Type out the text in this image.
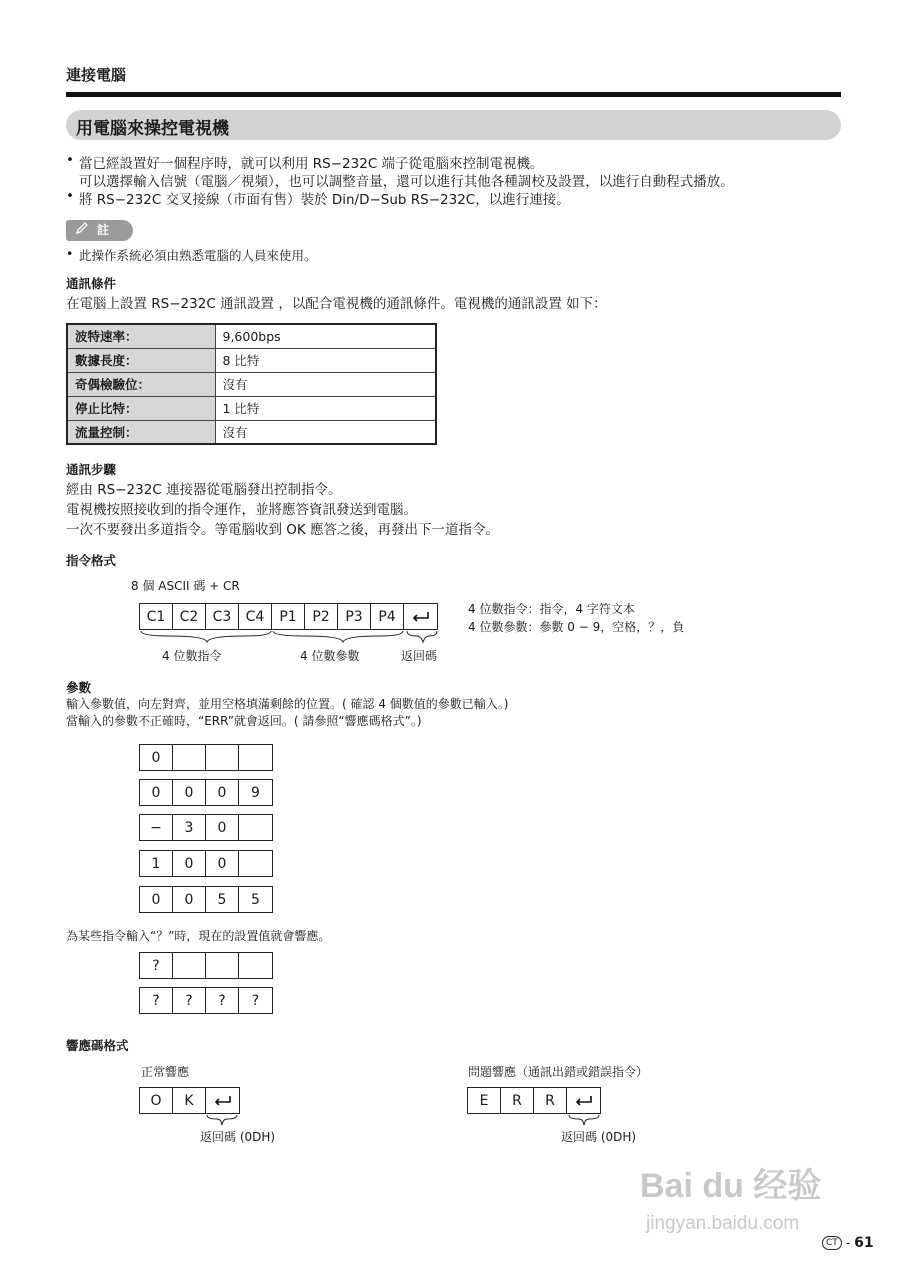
連接電腦
用電腦來操控電視機
• 當已經設置好一個程序時，就可以利用 RS−232C 端子從電腦來控制電視機。
可以選擇輸入信號（電腦／視頻），也可以調整音量，還可以進行其他各種調校及設置，以進行自動程式播放。
• 將 RS−232C 交叉接線（市面有售）裝於 Din/D−Sub RS−232C，以進行連接。
註
• 此操作系統必須由熟悉電腦的人員來使用。
通訊條件
在電腦上設置 RS−232C 通訊設置 ，以配合電視機的通訊條件。電視機的通訊設置 如下：
波特速率：	9,600bps
數據長度：	8 比特
奇偶檢驗位：	沒有
停止比特：	1 比特
流量控制：	沒有
通訊步驟
經由 RS−232C 連接器從電腦發出控制指令。
電視機按照接收到的指令運作，並將應答資訊發送到電腦。
一次不要發出多道指令。等電腦收到 OK 應答之後，再發出下一道指令。
指令格式
8 個 ASCII 碼 + CR
C1	C2	C3	C4	P1	P2	P3	P4
4 位數指令	4 位數參數	返回碼
4 位數指令：指令，4 字符文本
4 位數參數：參數 0 − 9，空格，？，負
參數
輸入參數值，向左對齊，並用空格填滿剩餘的位置。( 確認 4 個數值的參數已輸入。)
當輸入的參數不正確時，“ERR”就會返回。( 請參照“響應碼格式”。)
0
0	0	0	9
−	3	0
1	0	0
0	0	5	5
為某些指令輸入“？”時，現在的設置值就會響應。
?
?	?	?	?
響應碼格式
正常響應
O	K
返回碼 (0DH)
問題響應（通訊出錯或錯誤指令）
E	R	R
返回碼 (0DH)
Bai du 经验
jingyan.baidu.com
CT - 61
